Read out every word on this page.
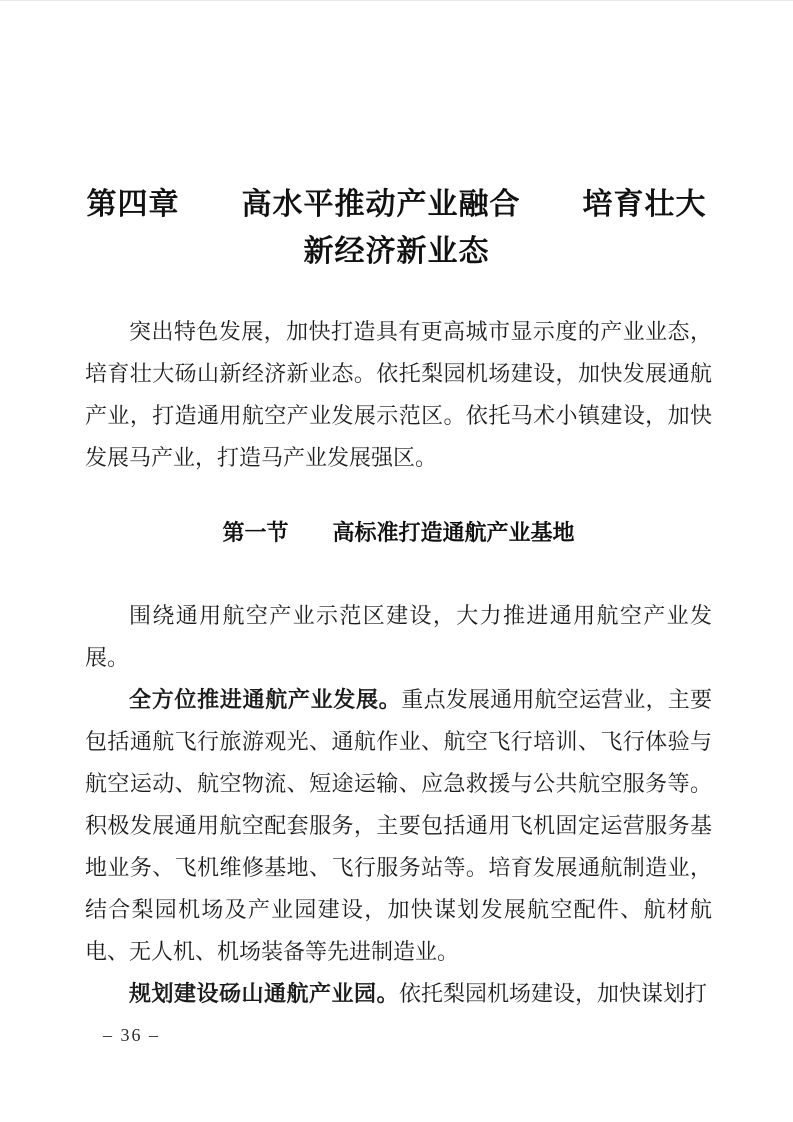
第四章　　高水平推动产业融合　　培育壮大
新经济新业态

突出特色发展，加快打造具有更高城市显示度的产业业态，培育壮大砀山新经济新业态。依托梨园机场建设，加快发展通航产业，打造通用航空产业发展示范区。依托马术小镇建设，加快发展马产业，打造马产业发展强区。

第一节　　高标准打造通航产业基地

围绕通用航空产业示范区建设，大力推进通用航空产业发展。

全方位推进通航产业发展。重点发展通用航空运营业，主要包括通航飞行旅游观光、通航作业、航空飞行培训、飞行体验与航空运动、航空物流、短途运输、应急救援与公共航空服务等。积极发展通用航空配套服务，主要包括通用飞机固定运营服务基地业务、飞机维修基地、飞行服务站等。培育发展通航制造业，结合梨园机场及产业园建设，加快谋划发展航空配件、航材航电、无人机、机场装备等先进制造业。

规划建设砀山通航产业园。依托梨园机场建设，加快谋划打

– 36 –
